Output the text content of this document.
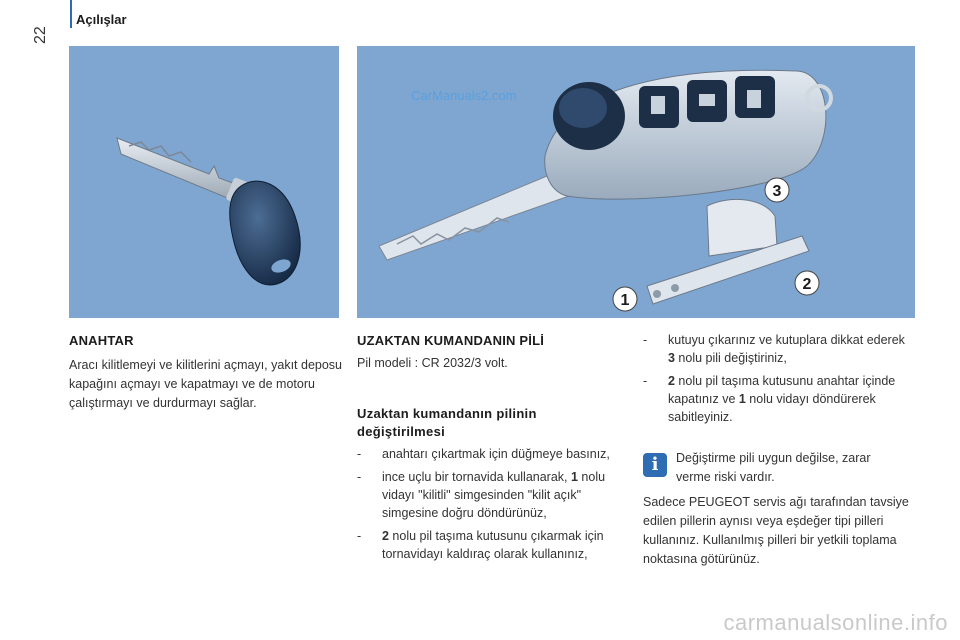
Açılışlar
22
1
2
3
CarManuals2.com
ANAHTAR
Aracı kilitlemeyi ve kilitlerini açmayı, yakıt deposu kapağını açmayı ve kapatmayı ve de motoru çalıştırmayı ve durdurmayı sağlar.
UZAKTAN KUMANDANIN PİLİ
Pil modeli : CR 2032/3 volt.
Uzaktan kumandanın pilinin
değiştirilmesi
- anahtarı çıkartmak için düğmeye basınız,
- ince uçlu bir tornavida kullanarak, 1 nolu vidayı "kilitli" simgesinden "kilit açık" simgesine doğru döndürünüz,
- 2 nolu pil taşıma kutusunu çıkarmak için tornavidayı kaldıraç olarak kullanınız,
- kutuyu çıkarınız ve kutuplara dikkat ederek 3 nolu pili değiştiriniz,
- 2 nolu pil taşıma kutusunu anahtar içinde kapatınız ve 1 nolu vidayı döndürerek sabitleyiniz.
i	Değiştirme pili uygun değilse, zarar verme riski vardır.
Sadece PEUGEOT servis ağı tarafından tavsiye edilen pillerin aynısı veya eşdeğer tipi pilleri kullanınız. Kullanılmış pilleri bir yetkili toplama noktasına götürünüz.
carmanualsonline.info
